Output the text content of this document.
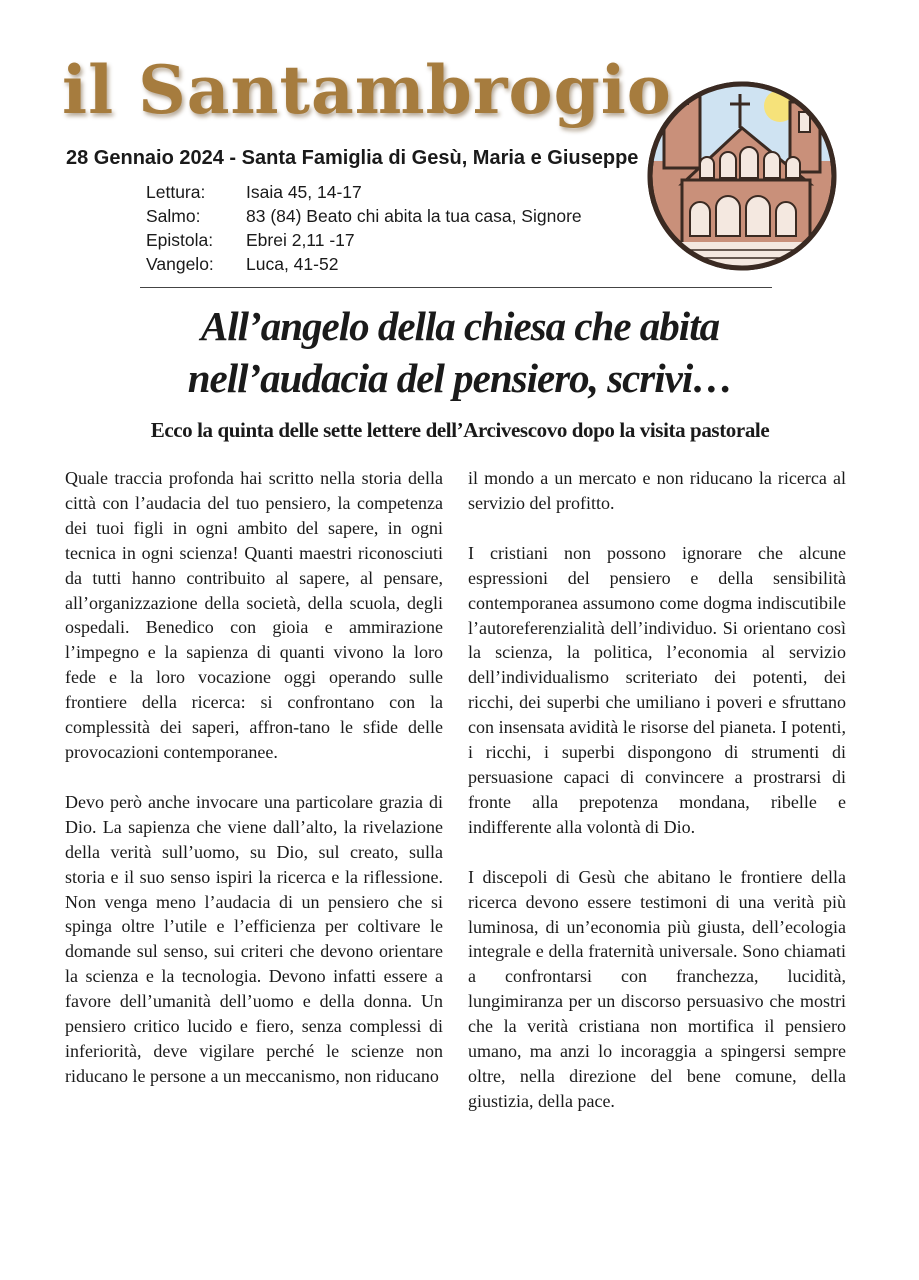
il Santambrogio
28 Gennaio 2024 - Santa Famiglia di Gesù, Maria e Giuseppe
Lettura:	Isaia 45, 14-17
Salmo:	83 (84) Beato chi abita la tua casa, Signore
Epistola:	Ebrei 2,11 -17
Vangelo:	Luca, 41-52
All’angelo della chiesa che abita
nell’audacia del pensiero, scrivi…
Ecco la quinta delle sette lettere dell’Arcivescovo dopo la visita pastorale

Quale traccia profonda hai scritto nella storia della città con l’audacia del tuo pensiero, la competenza dei tuoi figli in ogni ambito del sapere, in ogni tecnica in ogni scienza! Quanti maestri riconosciuti da tutti hanno contribuito al sapere, al pensare, all’organizzazione della società, della scuola, degli ospedali. Benedico con gioia e ammirazione l’impegno e la sapienza di quanti vivono la loro fede e la loro vocazione oggi operando sulle frontiere della ricerca: si confrontano con la complessità dei saperi, affron-tano le sfide delle provocazioni contemporanee.

Devo però anche invocare una particolare grazia di Dio. La sapienza che viene dall’alto, la rivelazione della verità sull’uomo, su Dio, sul creato, sulla storia e il suo senso ispiri la ricerca e la riflessione. Non venga meno l’audacia di un pensiero che si spinga oltre l’utile e l’efficienza per coltivare le domande sul senso, sui criteri che devono orientare la scienza e la tecnologia. Devono infatti essere a favore dell’umanità dell’uomo e della donna. Un pensiero critico lucido e fiero, senza complessi di inferiorità, deve vigilare perché le scienze non riducano le persone a un meccanismo, non riducano

il mondo a un mercato e non riducano la ricerca al servizio del profitto.

I cristiani non possono ignorare che alcune espressioni del pensiero e della sensibilità contemporanea assumono come dogma indiscutibile l’autoreferenzialità dell’individuo. Si orientano così la scienza, la politica, l’economia al servizio dell’individualismo scriteriato dei potenti, dei ricchi, dei superbi che umiliano i poveri e sfruttano con insensata avidità le risorse del pianeta. I potenti, i ricchi, i superbi dispongono di strumenti di persuasione capaci di convincere a prostrarsi di fronte alla prepotenza mondana, ribelle e indifferente alla volontà di Dio.

I discepoli di Gesù che abitano le frontiere della ricerca devono essere testimoni di una verità più luminosa, di un’economia più giusta, dell’ecologia integrale e della fraternità universale. Sono chiamati a confrontarsi con franchezza, lucidità, lungimiranza per un discorso persuasivo che mostri che la verità cristiana non mortifica il pensiero umano, ma anzi lo incoraggia a spingersi sempre oltre, nella direzione del bene comune, della giustizia, della pace.
